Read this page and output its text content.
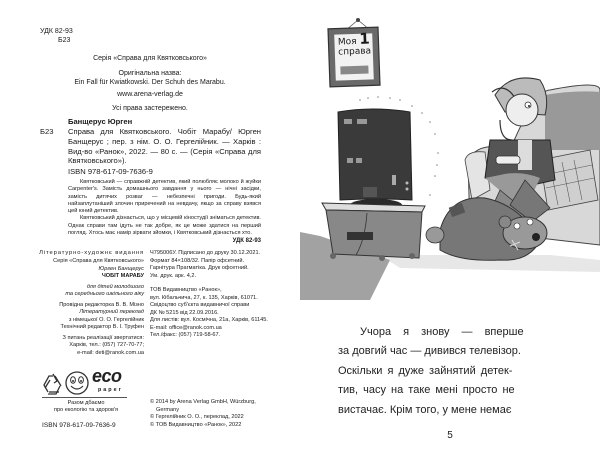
УДК 82-93
Б23
Серія «Справа для Квятковського»
Оригінальна назва:
Ein Fall für Kwiatkowski. Der Schuh des Marabu.
www.arena-verlag.de
Усі права застережено.
Банщерус Юрген
Б23 Справа для Квятковського. Чобіт Марабу/ Юрген Банщерус ; пер. з нім. О. О. Гергелійник. — Харків : Вид-во «Ранок», 2022. — 80 с. — (Серія «Справа для Квятковського»).
ISBN 978-617-09-7636-9

Квятковський — справжній детектив, який полюбляє молоко й жуйки Carpenter's. Замість домашнього завдання у нього — нічні засідки, замість дитячих розваг — небезпечні пригоди. Будь-який найзаплутаніший злочин приречений на невдачу, якщо за справу взявся цей юний детектив.

Квятковський дізнається, що у місцевій кіностудії зніматься детектив. Однак справи там ідуть не так добре, як це може здатися на перший погляд. Хтось має намір зірвати зйомки, і Квятковський дізнається хто.

УДК 82-93
Літературно-художнє видання
Серія «Справа для Квятковського»
Юрген Банщерус
ЧОБІТ МАРАБУ
для дітей молодшого
та середнього шкільного віку
Провідна редакторка В. В. Мізно
Літературний переклад
з німецької О. О. Гергелійник
Технічний редактор В. І. Труфен
З питань реалізації звертатися:
Харків, тел.: (057) 727-70-77;
e-mail: deti@ranok.com.ua
Ч795006У. Підписано до друку 30.12.2021.
Формат 84×108/32. Папір офсетний.
Гарнітура Прагматіка. Друк офсетний.
Ум. друк. арк. 4,2.
ТОВ Видавництво «Ранок»,
вул. Кібальчича, 27, к. 135, Харків, 61071.
Свідоцтво суб'єкта видавничої справи
ДК № 5215 від 22.09.2016.
Для листів: вул. Космічна, 21а, Харків, 61145.
E-mail: office@ranok.com.ua
Тел./факс: (057) 719-58-67.
eco
paper
Разом дбаємо
про екологію та здоров'я
ISBN 978-617-09-7636-9
© 2014 by Arena Verlag GmbH, Würzburg,
Germany
© Гергелійник О. О., переклад, 2022
© ТОВ Видавництво «Ранок», 2022
Моя 1
справа
Учора я знову — вперше
за довгий час — дивився телевізор.
Оскільки я дуже зайнятий детек-
тив, часу на таке мені просто не
вистачає. Крім того, у мене немає
5
